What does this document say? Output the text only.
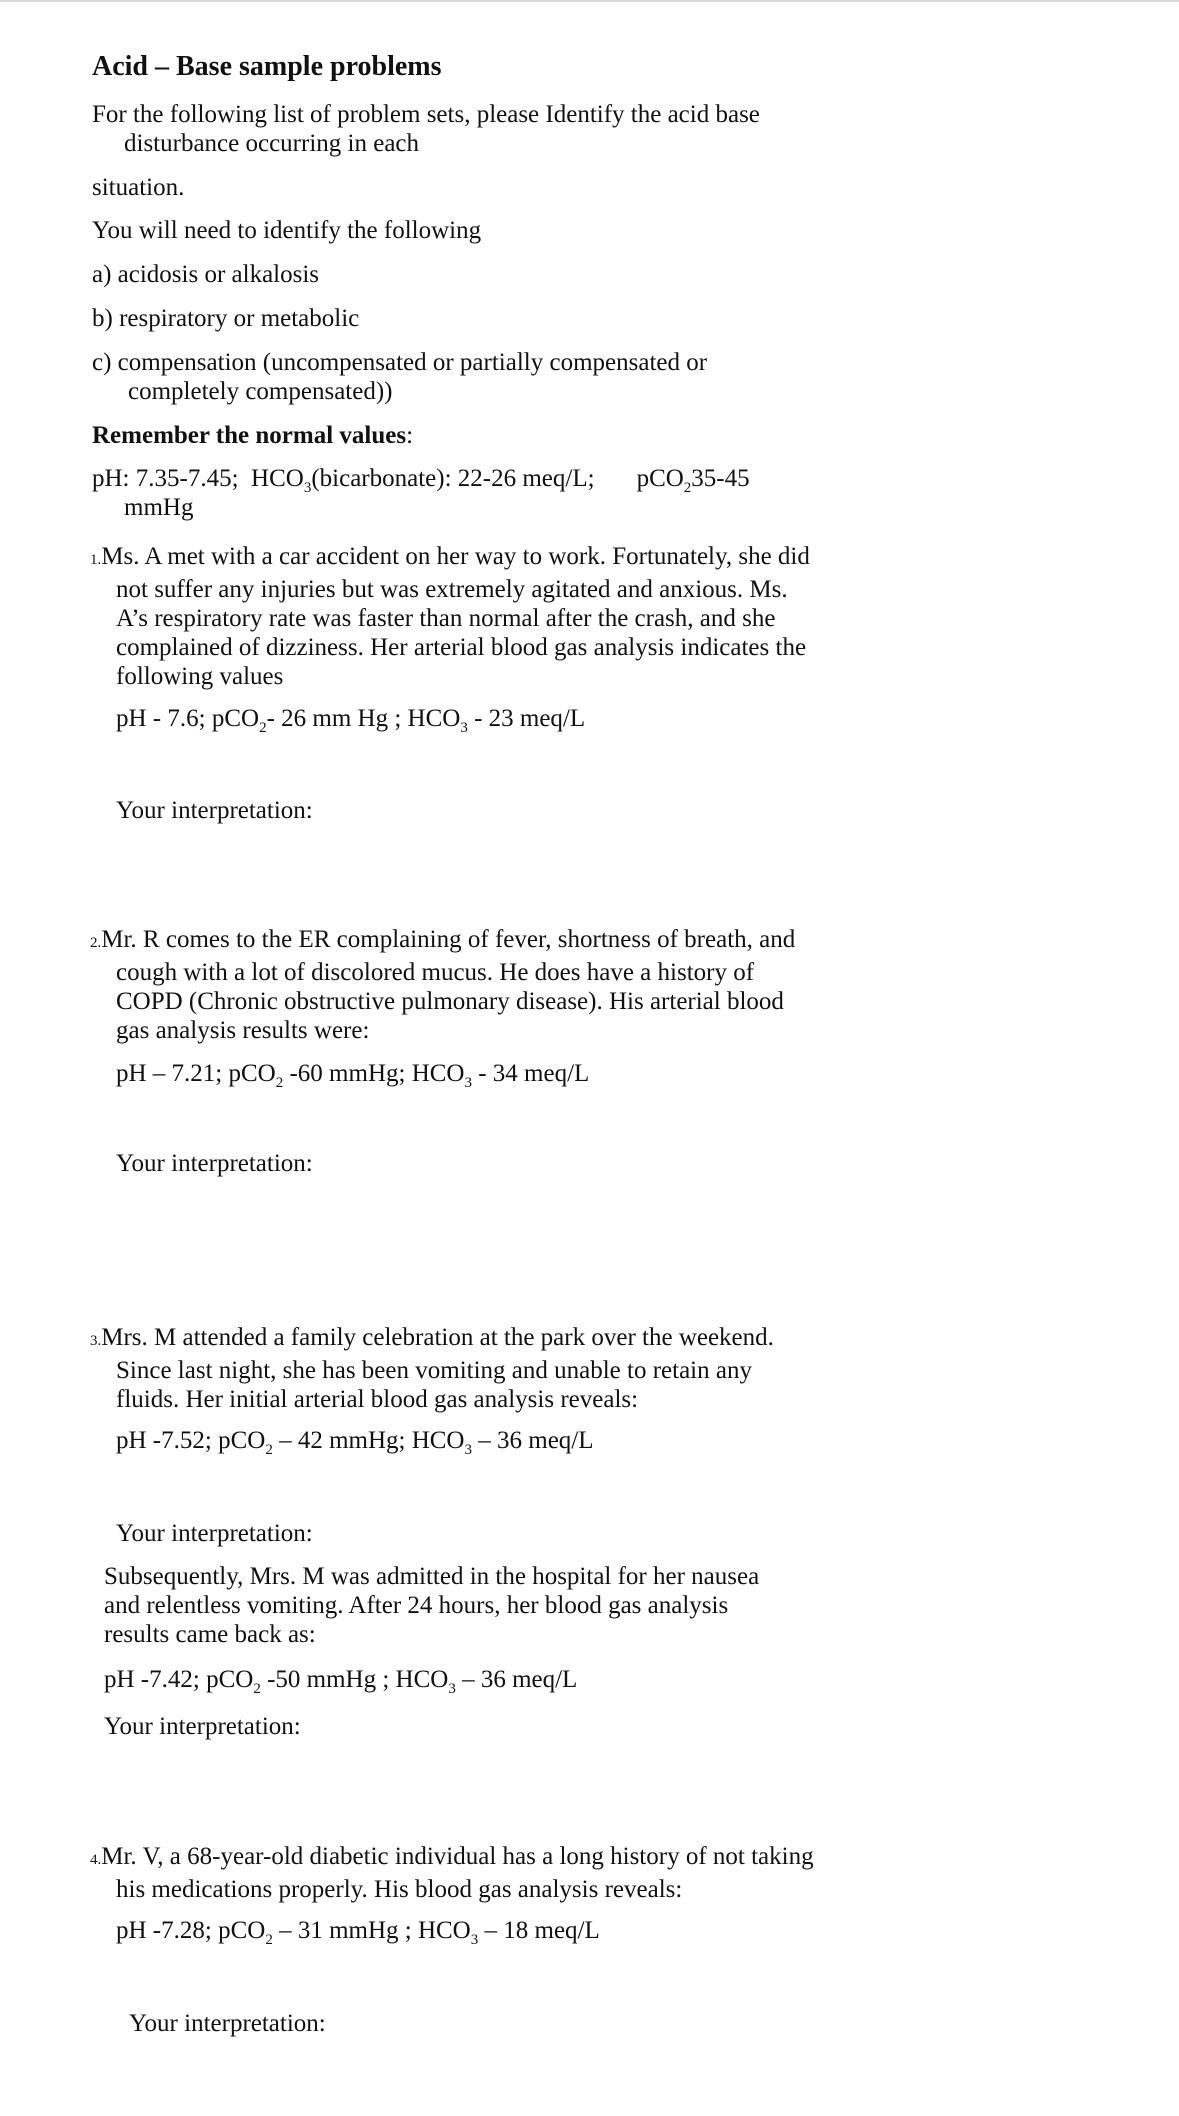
Acid – Base sample problems

For the following list of problem sets, please Identify the acid base disturbance occurring in each

situation.

You will need to identify the following

a) acidosis or alkalosis

b) respiratory or metabolic

c) compensation (uncompensated or partially compensated or completely compensated))

Remember the normal values:

pH: 7.35-7.45; $HCO_3(bicarbonate)$: 22-26 meq/L; pCO$_2$35-45 mmHg

1.Ms. A met with a car accident on her way to work. Fortunately, she did not suffer any injuries but was extremely agitated and anxious. Ms. A’s respiratory rate was faster than normal after the crash, and she complained of dizziness. Her arterial blood gas analysis indicates the following values

pH - 7.6; pCO$_2$- 26 mm Hg ; $HCO_3 - 23$ meq/L

Your interpretation:

2.Mr. R comes to the ER complaining of fever, shortness of breath, and cough with a lot of discolored mucus. He does have a history of COPD (Chronic obstructive pulmonary disease). His arterial blood gas analysis results were:

pH – 7.21; pCO$_2$ -60 mmHg; $HCO_3 - 34$ meq/L

Your interpretation:

3.Mrs. M attended a family celebration at the park over the weekend. Since last night, she has been vomiting and unable to retain any fluids. Her initial arterial blood gas analysis reveals:

pH -7.52; pCO$_2$ – 42 mmHg; $HCO_3 - 36$ meq/L

Your interpretation:

Subsequently, Mrs. M was admitted in the hospital for her nausea and relentless vomiting. After 24 hours, her blood gas analysis results came back as:

pH -7.42; pCO$_2$ -50 mmHg ; $HCO_3 - 36$ meq/L

Your interpretation:

4.Mr. V, a 68-year-old diabetic individual has a long history of not taking his medications properly. His blood gas analysis reveals:

pH -7.28; pCO$_2$ – 31 mmHg ; $HCO_3 - 18$ meq/L

Your interpretation:
